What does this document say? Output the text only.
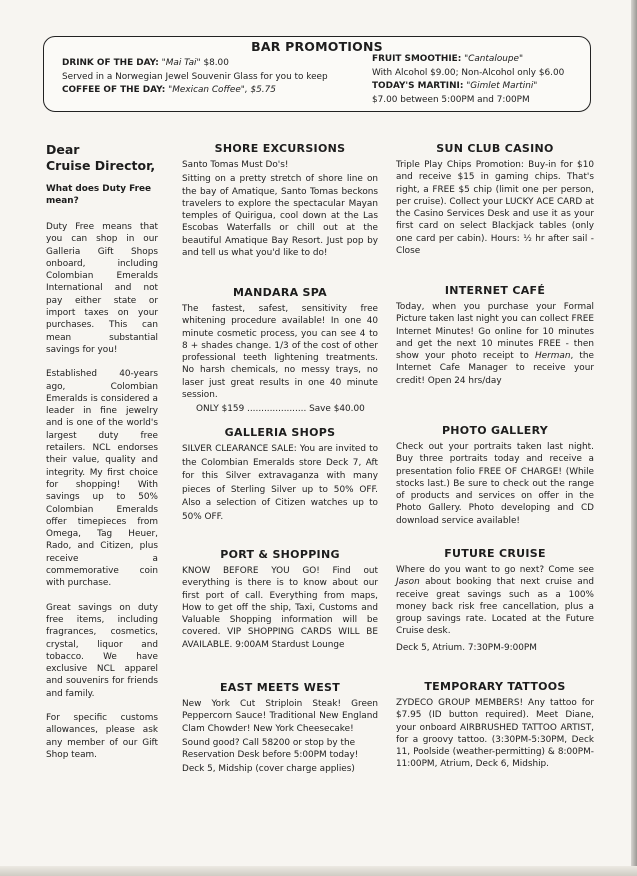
BAR PROMOTIONS
DRINK OF THE DAY: "Mai Tai" $8.00
Served in a Norwegian Jewel Souvenir Glass for you to keep
COFFEE OF THE DAY: "Mexican Coffee", $5.75
FRUIT SMOOTHIE: "Cantaloupe"
With Alcohol $9.00; Non-Alcohol only $6.00
TODAY'S MARTINI: "Gimlet Martini"
$7.00 between 5:00PM and 7:00PM
Dear
Cruise Director,
What does Duty Free mean?

Duty Free means that you can shop in our Galleria Gift Shops onboard, including Colombian Emeralds International and not pay either state or import taxes on your purchases. This can mean substantial savings for you!

Established 40-years ago, Colombian Emeralds is considered a leader in fine jewelry and is one of the world's largest duty free retailers. NCL endorses their value, quality and integrity. My first choice for shopping! With savings up to 50% Colombian Emeralds offer timepieces from Omega, Tag Heuer, Rado, and Citizen, plus receive a commemorative coin with purchase.

Great savings on duty free items, including fragrances, cosmetics, crystal, liquor and tobacco. We have exclusive NCL apparel and souvenirs for friends and family.

For specific customs allowances, please ask any member of our Gift Shop team.

SHORE EXCURSIONS

Santo Tomas Must Do's!

Sitting on a pretty stretch of shore line on the bay of Amatique, Santo Tomas beckons travelers to explore the spectacular Mayan temples of Quirigua, cool down at the Las Escobas Waterfalls or chill out at the beautiful Amatique Bay Resort. Just pop by and tell us what you'd like to do!

MANDARA SPA

The fastest, safest, sensitivity free whitening procedure available! In one 40 minute cosmetic process, you can see 4 to 8 + shades change. 1/3 of the cost of other professional teeth lightening treatments. No harsh chemicals, no messy trays, no laser just great results in one 40 minute session.

ONLY $159 ..................... Save $40.00

GALLERIA SHOPS

SILVER CLEARANCE SALE: You are invited to the Colombian Emeralds store Deck 7, Aft for this Silver extravaganza with many pieces of Sterling Silver up to 50% OFF. Also a selection of Citizen watches up to 50% OFF.

PORT & SHOPPING

KNOW BEFORE YOU GO! Find out everything is there is to know about our first port of call. Everything from maps, How to get off the ship, Taxi, Customs and Valuable Shopping information will be covered. VIP SHOPPING CARDS WILL BE AVAILABLE. 9:00AM Stardust Lounge

EAST MEETS WEST

New York Cut Striploin Steak! Green Peppercorn Sauce! Traditional New England Clam Chowder! New York Cheesecake!

Sound good? Call 58200 or stop by the Reservation Desk before 5:00PM today!

Deck 5, Midship (cover charge applies)

SUN CLUB CASINO

Triple Play Chips Promotion: Buy-in for $10 and receive $15 in gaming chips. That's right, a FREE $5 chip (limit one per person, per cruise). Collect your LUCKY ACE CARD at the Casino Services Desk and use it as your first card on select Blackjack tables (only one card per cabin). Hours: ½ hr after sail - Close

INTERNET CAFÉ

Today, when you purchase your Formal Picture taken last night you can collect FREE Internet Minutes! Go online for 10 minutes and get the next 10 minutes FREE - then show your photo receipt to Herman, the Internet Cafe Manager to receive your credit! Open 24 hrs/day

PHOTO GALLERY

Check out your portraits taken last night. Buy three portraits today and receive a presentation folio FREE OF CHARGE! (While stocks last.) Be sure to check out the range of products and services on offer in the Photo Gallery. Photo developing and CD download service available!

FUTURE CRUISE

Where do you want to go next? Come see Jason about booking that next cruise and receive great savings such as a 100% money back risk free cancellation, plus a group savings rate. Located at the Future Cruise desk.

Deck 5, Atrium. 7:30PM-9:00PM

TEMPORARY TATTOOS

ZYDECO GROUP MEMBERS! Any tattoo for $7.95 (ID button required). Meet Diane, your onboard AIRBRUSHED TATTOO ARTIST, for a groovy tattoo. (3:30PM-5:30PM, Deck 11, Poolside (weather-permitting) & 8:00PM-11:00PM, Atrium, Deck 6, Midship.
